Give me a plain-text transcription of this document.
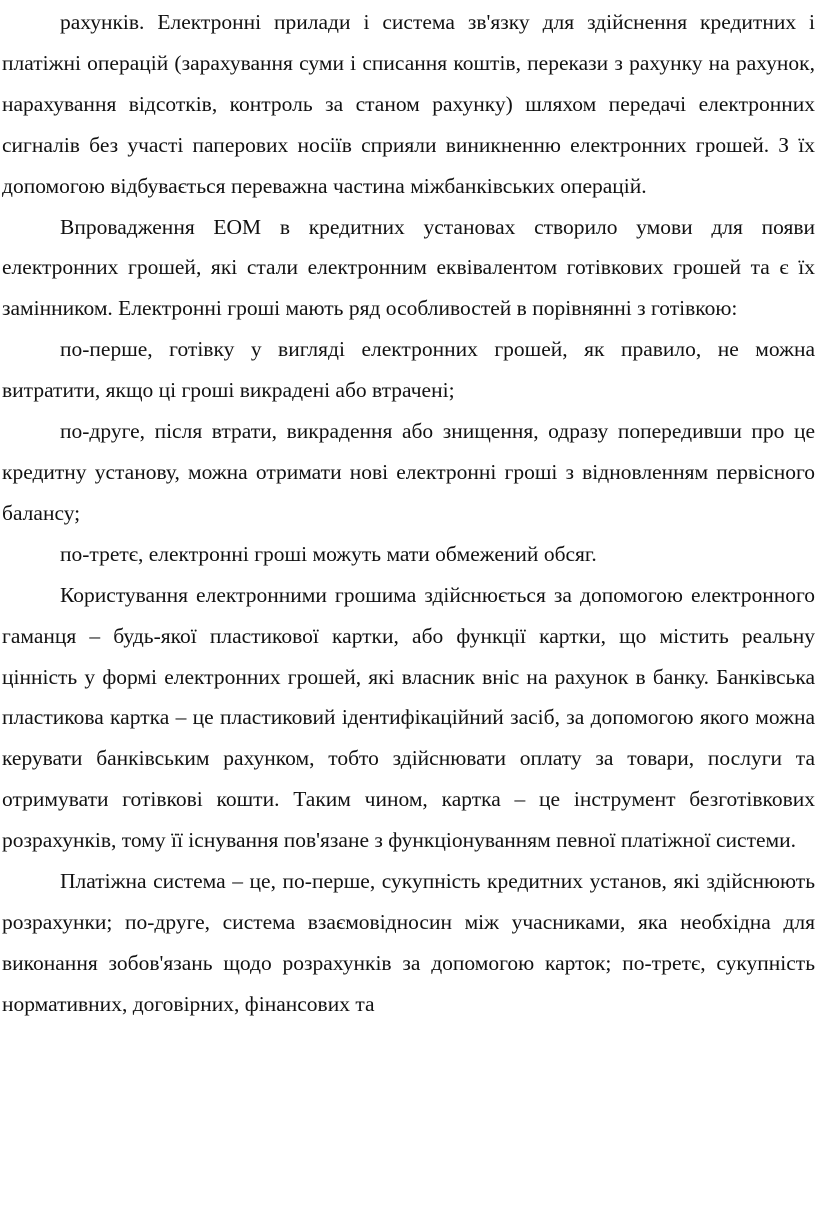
рахунків. Електронні прилади і система зв'язку для здійснення кредитних і платіжні операцій (зарахування суми і списання коштів, перекази з рахунку на рахунок, нарахування відсотків, контроль за станом рахунку) шляхом передачі електронних сигналів без участі паперових носіїв сприяли виникненню електронних грошей. З їх допомогою відбувається переважна частина міжбанківських операцій.

Впровадження ЕОМ в кредитних установах створило умови для появи електронних грошей, які стали електронним еквівалентом готівкових грошей та є їх замінником. Електронні гроші мають ряд особливостей в порівнянні з готівкою:

по-перше, готівку у вигляді електронних грошей, як правило, не можна витратити, якщо ці гроші викрадені або втрачені;

по-друге, після втрати, викрадення або знищення, одразу попередивши про це кредитну установу, можна отримати нові електронні гроші з відновленням первісного балансу;

по-третє, електронні гроші можуть мати обмежений обсяг.

Користування електронними грошима здійснюється за допомогою електронного гаманця – будь-якої пластикової картки, або функції картки, що містить реальну цінність у формі електронних грошей, які власник вніс на рахунок в банку. Банківська пластикова картка – це пластиковий ідентифікаційний засіб, за допомогою якого можна керувати банківським рахунком, тобто здійснювати оплату за товари, послуги та отримувати готівкові кошти. Таким чином, картка – це інструмент безготівкових розрахунків, тому її існування пов'язане з функціонуванням певної платіжної системи.

Платіжна система – це, по-перше, сукупність кредитних установ, які здійснюють розрахунки; по-друге, система взаємовідносин між учасниками, яка необхідна для виконання зобов'язань щодо розрахунків за допомогою карток; по-третє, сукупність нормативних, договірних, фінансових та
